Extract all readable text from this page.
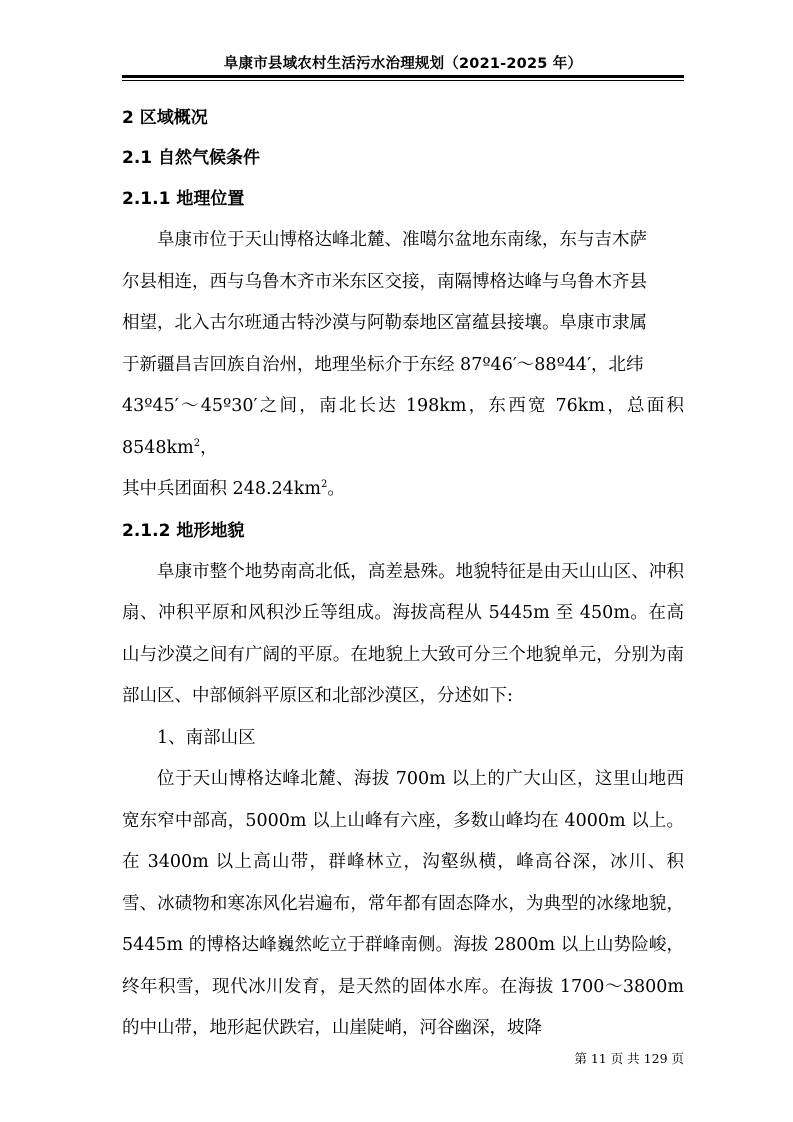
阜康市县域农村生活污水治理规划（2021-2025 年）
2 区域概况
2.1 自然气候条件
2.1.1 地理位置
阜康市位于天山博格达峰北麓、准噶尔盆地东南缘，东与吉木萨
尔县相连，西与乌鲁木齐市米东区交接，南隔博格达峰与乌鲁木齐县
相望，北入古尔班通古特沙漠与阿勒泰地区富蕴县接壤。阜康市隶属
于新疆昌吉回族自治州，地理坐标介于东经 87º46′～88º44′，北纬
43º45′～45º30′之间，南北长达 198km，东西宽 76km，总面积 $8548km^2$，
其中兵团面积 $248.24km^2$。
2.1.2 地形地貌

阜康市整个地势南高北低，高差悬殊。地貌特征是由天山山区、冲积扇、冲积平原和风积沙丘等组成。海拔高程从 5445m 至 450m。在高山与沙漠之间有广阔的平原。在地貌上大致可分三个地貌单元，分别为南部山区、中部倾斜平原区和北部沙漠区，分述如下:

1、南部山区

位于天山博格达峰北麓、海拔 700m 以上的广大山区，这里山地西宽东窄中部高，5000m 以上山峰有六座，多数山峰均在 4000m 以上。在 3400m 以上高山带，群峰林立，沟壑纵横，峰高谷深，冰川、积雪、冰碛物和寒冻风化岩遍布，常年都有固态降水，为典型的冰缘地貌，5445m 的博格达峰巍然屹立于群峰南侧。海拔 2800m 以上山势险峻，终年积雪，现代冰川发育，是天然的固体水库。在海拔 1700～3800m 的中山带，地形起伏跌宕，山崖陡峭，河谷幽深，坡降

第 11 页 共 129 页
